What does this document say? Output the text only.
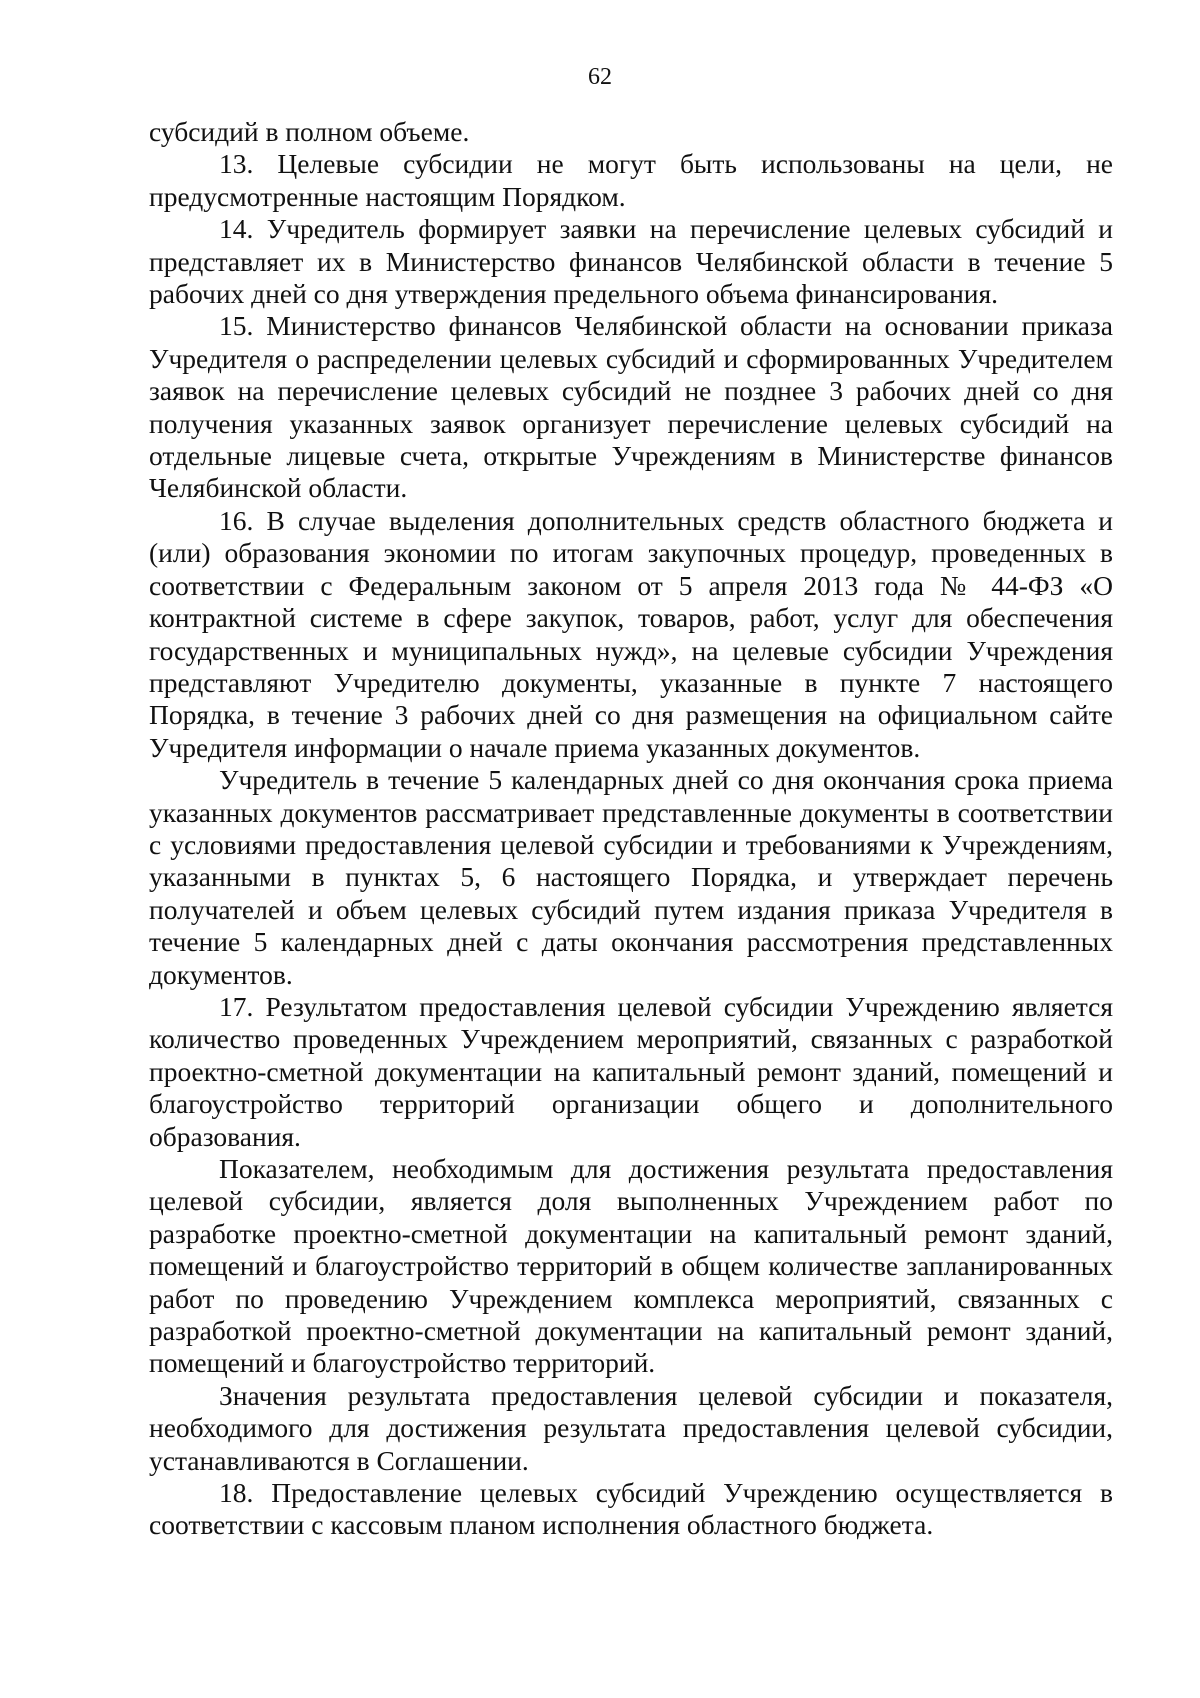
62

субсидий в полном объеме.

13. Целевые субсидии не могут быть использованы на цели, не предусмотренные настоящим Порядком.

14. Учредитель формирует заявки на перечисление целевых субсидий и представляет их в Министерство финансов Челябинской области в течение 5 рабочих дней со дня утверждения предельного объема финансирования.

15. Министерство финансов Челябинской области на основании приказа Учредителя о распределении целевых субсидий и сформированных Учредителем заявок на перечисление целевых субсидий не позднее 3 рабочих дней со дня получения указанных заявок организует перечисление целевых субсидий на отдельные лицевые счета, открытые Учреждениям в Министерстве финансов Челябинской области.

16. В случае выделения дополнительных средств областного бюджета и (или) образования экономии по итогам закупочных процедур, проведенных в соответствии с Федеральным законом от 5 апреля 2013 года № 44-ФЗ «О контрактной системе в сфере закупок, товаров, работ, услуг для обеспечения государственных и муниципальных нужд», на целевые субсидии Учреждения представляют Учредителю документы, указанные в пункте 7 настоящего Порядка, в течение 3 рабочих дней со дня размещения на официальном сайте Учредителя информации о начале приема указанных документов.

Учредитель в течение 5 календарных дней со дня окончания срока приема указанных документов рассматривает представленные документы в соответствии с условиями предоставления целевой субсидии и требованиями к Учреждениям, указанными в пунктах 5, 6 настоящего Порядка, и утверждает перечень получателей и объем целевых субсидий путем издания приказа Учредителя в течение 5 календарных дней с даты окончания рассмотрения представленных документов.

17. Результатом предоставления целевой субсидии Учреждению является количество проведенных Учреждением мероприятий, связанных с разработкой проектно-сметной документации на капитальный ремонт зданий, помещений и благоустройство территорий организации общего и дополнительного образования.

Показателем, необходимым для достижения результата предоставления целевой субсидии, является доля выполненных Учреждением работ по разработке проектно-сметной документации на капитальный ремонт зданий, помещений и благоустройство территорий в общем количестве запланированных работ по проведению Учреждением комплекса мероприятий, связанных с разработкой проектно-сметной документации на капитальный ремонт зданий, помещений и благоустройство территорий.

Значения результата предоставления целевой субсидии и показателя, необходимого для достижения результата предоставления целевой субсидии, устанавливаются в Соглашении.

18. Предоставление целевых субсидий Учреждению осуществляется в соответствии с кассовым планом исполнения областного бюджета.
